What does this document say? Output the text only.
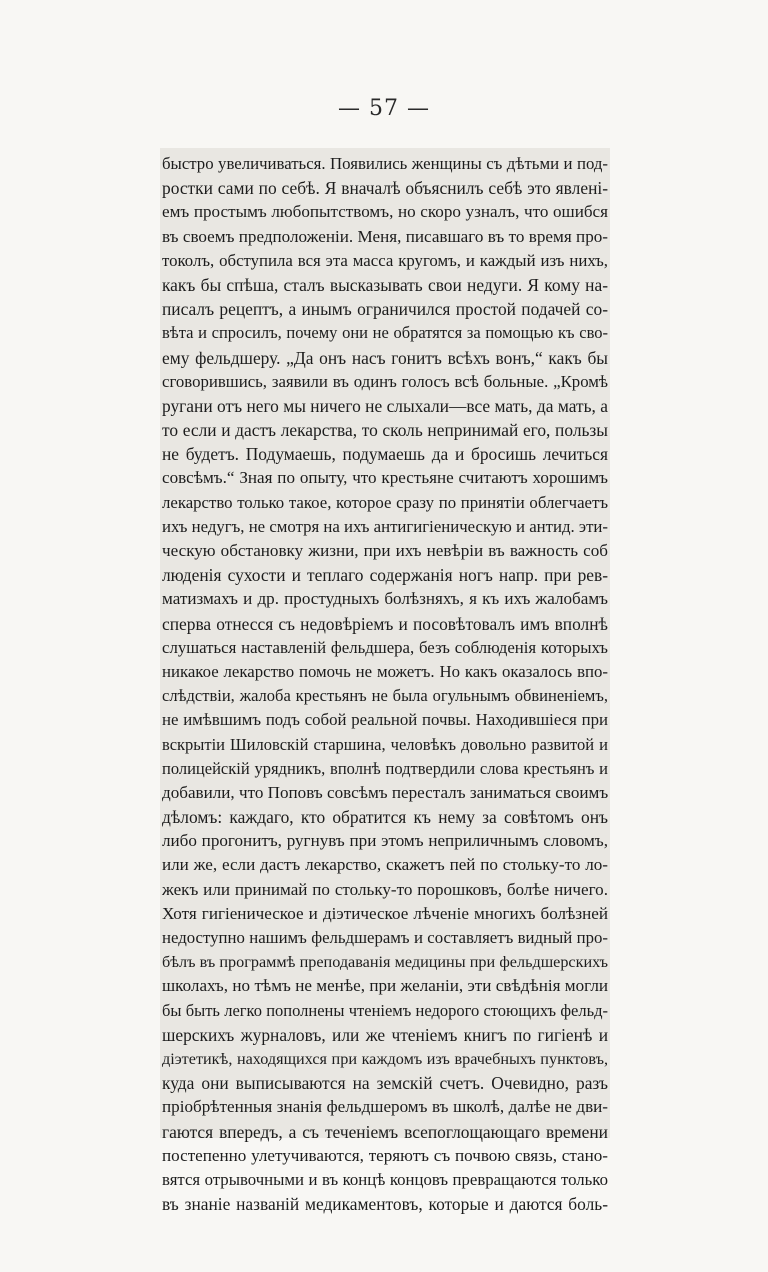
— 57 —
быстро увеличиваться. Появились женщины съ дѣтьми и под-
ростки сами по себѣ. Я вначалѣ объяснилъ себѣ это явленi-
емъ простымъ любопытствомъ, но скоро узналъ, что ошибся
въ своемъ предположенiи. Меня, писавшаго въ то время про-
токолъ, обступила вся эта масса кругомъ, и каждый изъ нихъ,
какъ бы спѣша, сталъ высказывать свои недуги. Я кому на-
писалъ рецептъ, а инымъ ограничился простой подачей со-
вѣта и спросилъ, почему они не обратятся за помощью къ сво-
ему фельдшеру. „Да онъ насъ гонитъ всѣхъ вонъ,“ какъ бы
сговорившись, заявили въ одинъ голосъ всѣ больные. „Кромѣ
ругани отъ него мы ничего не слыхали—все мать, да мать, а
то если и дастъ лекарства, то сколь непринимай его, пользы
не будетъ. Подумаешь, подумаешь да и бросишь лечиться
совсѣмъ.“ Зная по опыту, что крестьяне считаютъ хорошимъ
лекарство только такое, которое сразу по принятiи облегчаетъ
ихъ недугъ, не смотря на ихъ антигигiеническую и антид. эти-
ческую обстановку жизни, при ихъ невѣрiи въ важность соб
люденiя сухости и теплаго содержанiя ногъ напр. при рев-
матизмахъ и др. простудныхъ болѣзняхъ, я къ ихъ жалобамъ
сперва отнесся съ недовѣрiемъ и посовѣтовалъ имъ вполнѣ
слушаться наставленiй фельдшера, безъ соблюденiя которыхъ
никакое лекарство помочь не можетъ. Но какъ оказалось впо-
слѣдствiи, жалоба крестьянъ не была огульнымъ обвиненiемъ,
не имѣвшимъ подъ собой реальной почвы. Находившiеся при
вскрытiи Шиловскiй старшина, человѣкъ довольно развитой и
полицейскiй урядникъ, вполнѣ подтвердили слова крестьянъ и
добавили, что Поповъ совсѣмъ пересталъ заниматься своимъ
дѣломъ: каждаго, кто обратится къ нему за совѣтомъ онъ
либо прогонитъ, ругнувъ при этомъ неприличнымъ словомъ,
или же, если дастъ лекарство, скажетъ пей по стольку-то ло-
жекъ или принимай по стольку-то порошковъ, болѣе ничего.
Хотя гигiеническое и дiэтическое лѣченiе многихъ болѣзней
недоступно нашимъ фельдшерамъ и составляетъ видный про-
бѣлъ въ программѣ преподаванiя медицины при фельдшерскихъ
школахъ, но тѣмъ не менѣе, при желанiи, эти свѣдѣнiя могли
бы быть легко пополнены чтенiемъ недорого стоющихъ фельд-
шерскихъ журналовъ, или же чтенiемъ книгъ по гигiенѣ и
дiэтетикѣ, находящихся при каждомъ изъ врачебныхъ пунктовъ,
куда они выписываются на земскiй счетъ. Очевидно, разъ
прiобрѣтенныя знанiя фельдшеромъ въ школѣ, далѣе не дви-
гаются впередъ, а съ теченiемъ всепоглощающаго времени
постепенно улетучиваются, теряютъ съ почвою связь, стано-
вятся отрывочными и въ концѣ концовъ превращаются только
въ знанiе названiй медикаментовъ, которые и даются боль-
